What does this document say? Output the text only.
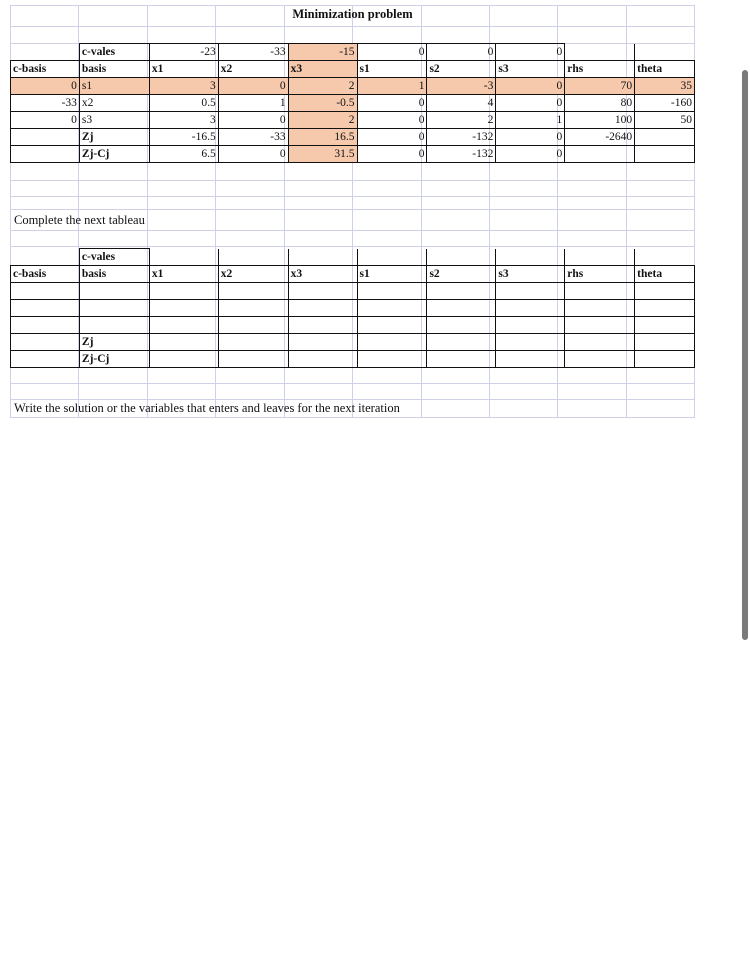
Minimization problem
	c-vales	-23	-33	-15	0	0	0		
c-basis	basis	x1	x2	x3	s1	s2	s3	rhs	theta
0	s1	3	0	2	1	-3	0	70	35
-33	x2	0.5	1	-0.5	0	4	0	80	-160
0	s3	3	0	2	0	2	1	100	50
	Zj	-16.5	-33	16.5	0	-132	0	-2640	
	Zj-Cj	6.5	0	31.5	0	-132	0		
Complete the next tableau
	c-vales								
c-basis	basis	x1	x2	x3	s1	s2	s3	rhs	theta

	Zj								
	Zj-Cj								
Write the solution or the variables that enters and leaves for the next iteration
